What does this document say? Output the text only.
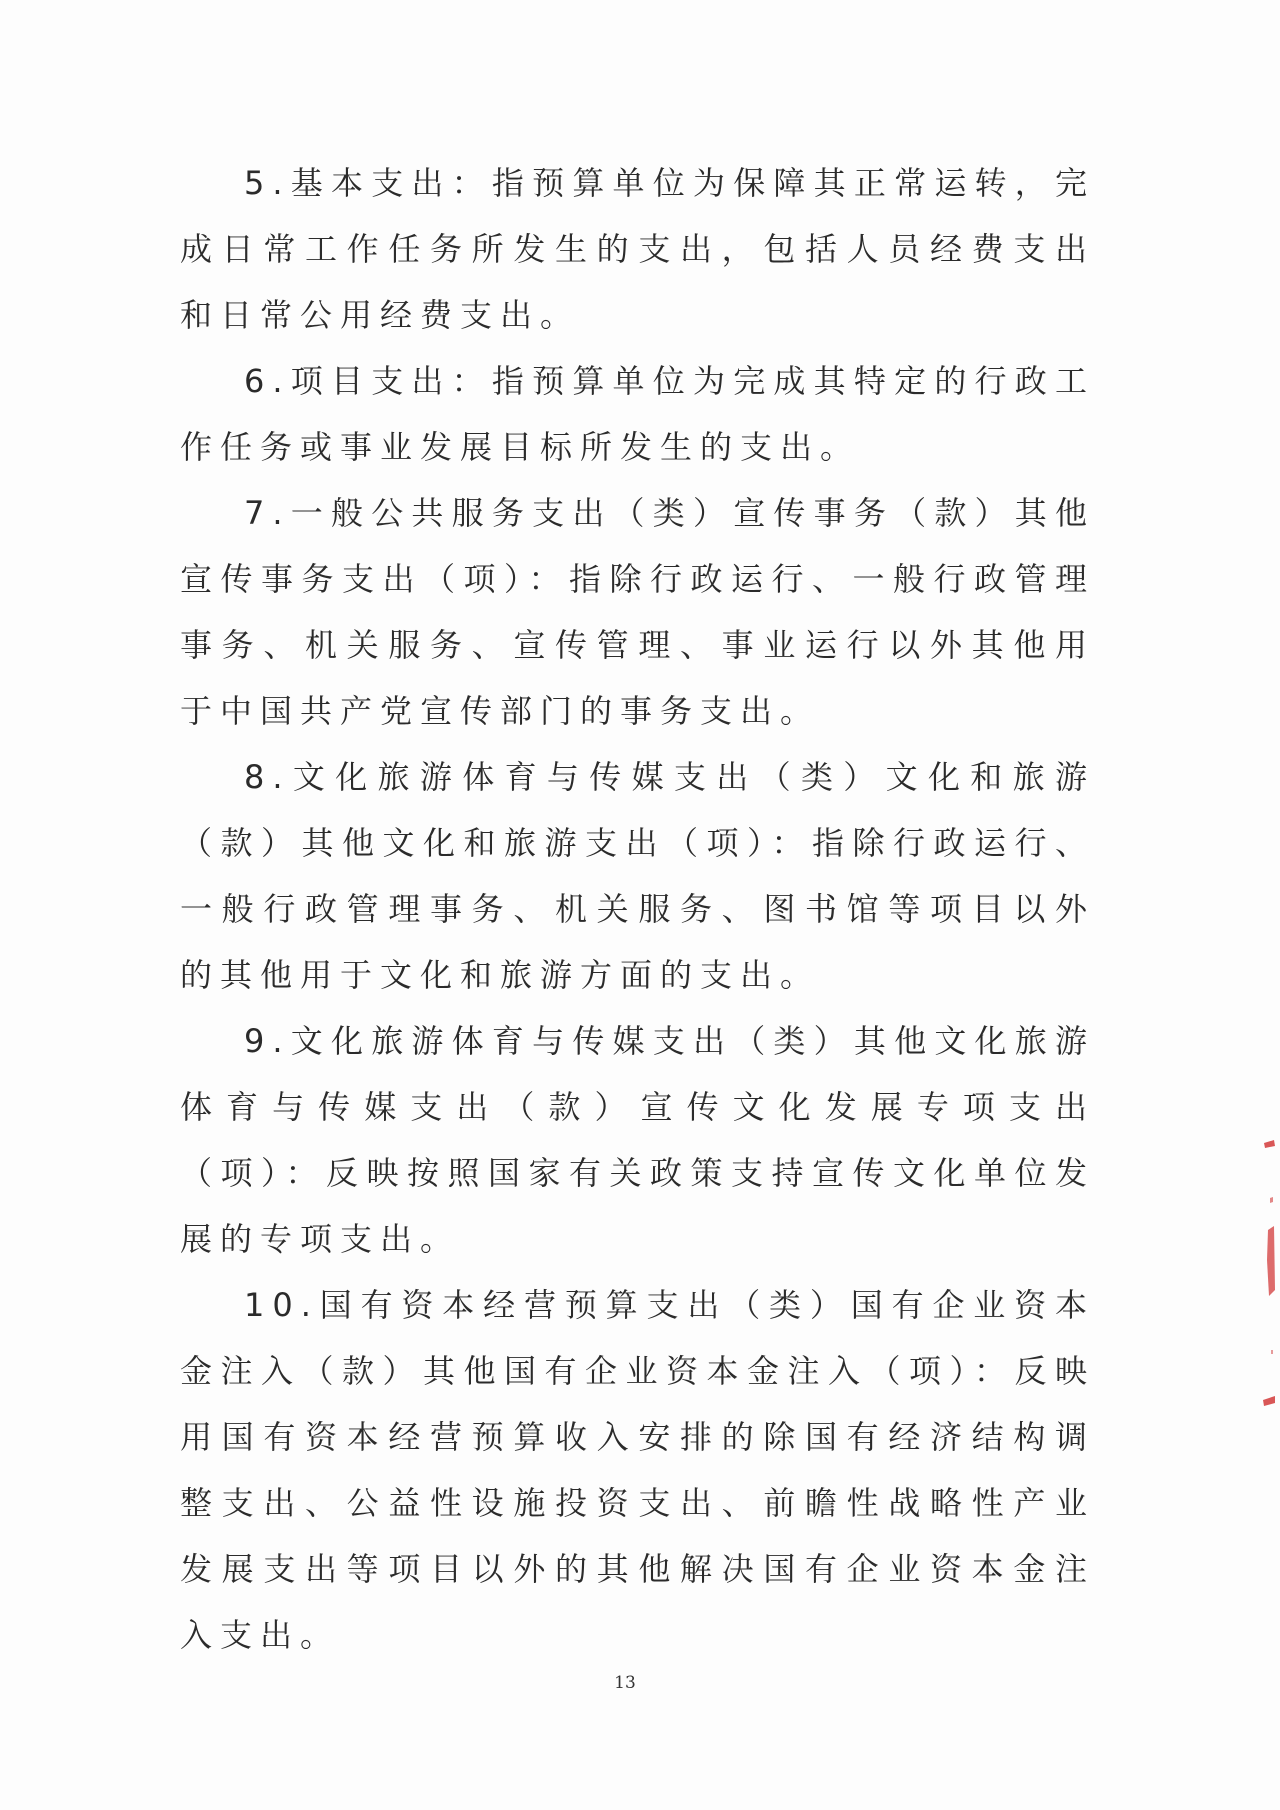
5.基本支出：指预算单位为保障其正常运转，完成日常工作任务所发生的支出，包括人员经费支出和日常公用经费支出。

6.项目支出：指预算单位为完成其特定的行政工作任务或事业发展目标所发生的支出。

7.一般公共服务支出（类）宣传事务（款）其他宣传事务支出（项）：指除行政运行、一般行政管理事务、机关服务、宣传管理、事业运行以外其他用于中国共产党宣传部门的事务支出。

8.文化旅游体育与传媒支出（类）文化和旅游（款）其他文化和旅游支出（项）：指除行政运行、一般行政管理事务、机关服务、图书馆等项目以外的其他用于文化和旅游方面的支出。

9.文化旅游体育与传媒支出（类）其他文化旅游体育与传媒支出（款）宣传文化发展专项支出（项）：反映按照国家有关政策支持宣传文化单位发展的专项支出。

10.国有资本经营预算支出（类）国有企业资本金注入（款）其他国有企业资本金注入（项）：反映用国有资本经营预算收入安排的除国有经济结构调整支出、公益性设施投资支出、前瞻性战略性产业发展支出等项目以外的其他解决国有企业资本金注入支出。

13
